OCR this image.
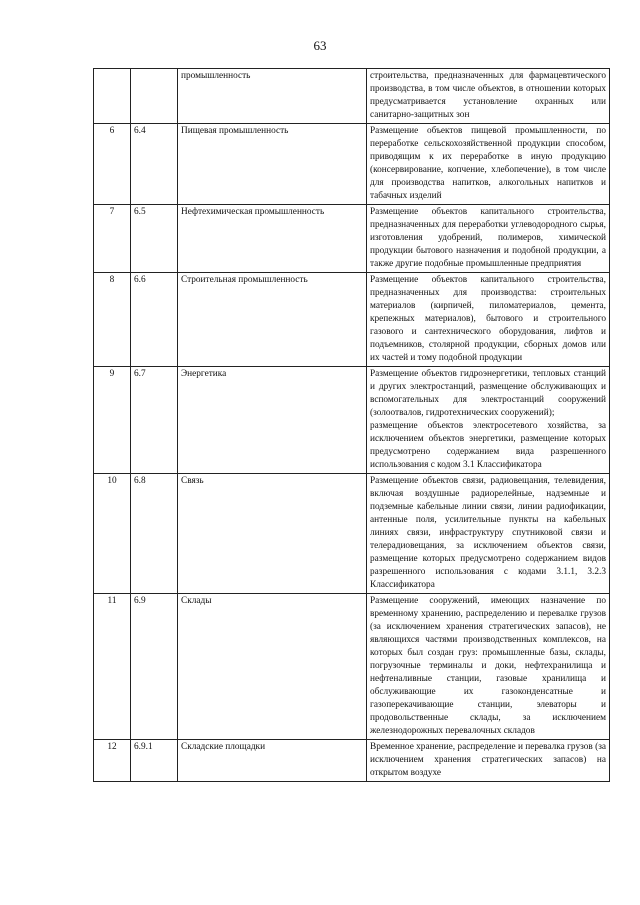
63
		промышленность	строительства, предназначенных для фармацевтического производства, в том числе объектов, в отношении которых предусматривается установление охранных или санитарно-защитных зон

6	6.4	Пищевая промышленность	Размещение объектов пищевой промышленности, по переработке сельскохозяйственной продукции способом, приводящим к их переработке в иную продукцию (консервирование, копчение, хлебопечение), в том числе для производства напитков, алкогольных напитков и табачных изделий

7	6.5	Нефтехимическая промышленность	Размещение объектов капитального строительства, предназначенных для переработки углеводородного сырья, изготовления удобрений, полимеров, химической продукции бытового назначения и подобной продукции, а также другие подобные промышленные предприятия

8	6.6	Строительная промышленность	Размещение объектов капитального строительства, предназначенных для производства: строительных материалов (кирпичей, пиломатериалов, цемента, крепежных материалов), бытового и строительного газового и сантехнического оборудования, лифтов и подъемников, столярной продукции, сборных домов или их частей и тому подобной продукции

9	6.7	Энергетика	Размещение объектов гидроэнергетики, тепловых станций и других электростанций, размещение обслуживающих и вспомогательных для электростанций сооружений (золоотвалов, гидротехнических сооружений);
размещение объектов электросетевого хозяйства, за исключением объектов энергетики, размещение которых предусмотрено содержанием вида разрешенного использования с кодом 3.1 Классификатора

10	6.8	Связь	Размещение объектов связи, радиовещания, телевидения, включая воздушные радиорелейные, надземные и подземные кабельные линии связи, линии радиофикации, антенные поля, усилительные пункты на кабельных линиях связи, инфраструктуру спутниковой связи и телерадиовещания, за исключением объектов связи, размещение которых предусмотрено содержанием видов разрешенного использования с кодами 3.1.1, 3.2.3 Классификатора

11	6.9	Склады	Размещение сооружений, имеющих назначение по временному хранению, распределению и перевалке грузов (за исключением хранения стратегических запасов), не являющихся частями производственных комплексов, на которых был создан груз: промышленные базы, склады, погрузочные терминалы и доки, нефтехранилища и нефтеналивные станции, газовые хранилища и обслуживающие их газоконденсатные и газоперекачивающие станции, элеваторы и продовольственные склады, за исключением железнодорожных перевалочных складов

12	6.9.1	Складские площадки	Временное хранение, распределение и перевалка грузов (за исключением хранения стратегических запасов) на открытом воздухе
